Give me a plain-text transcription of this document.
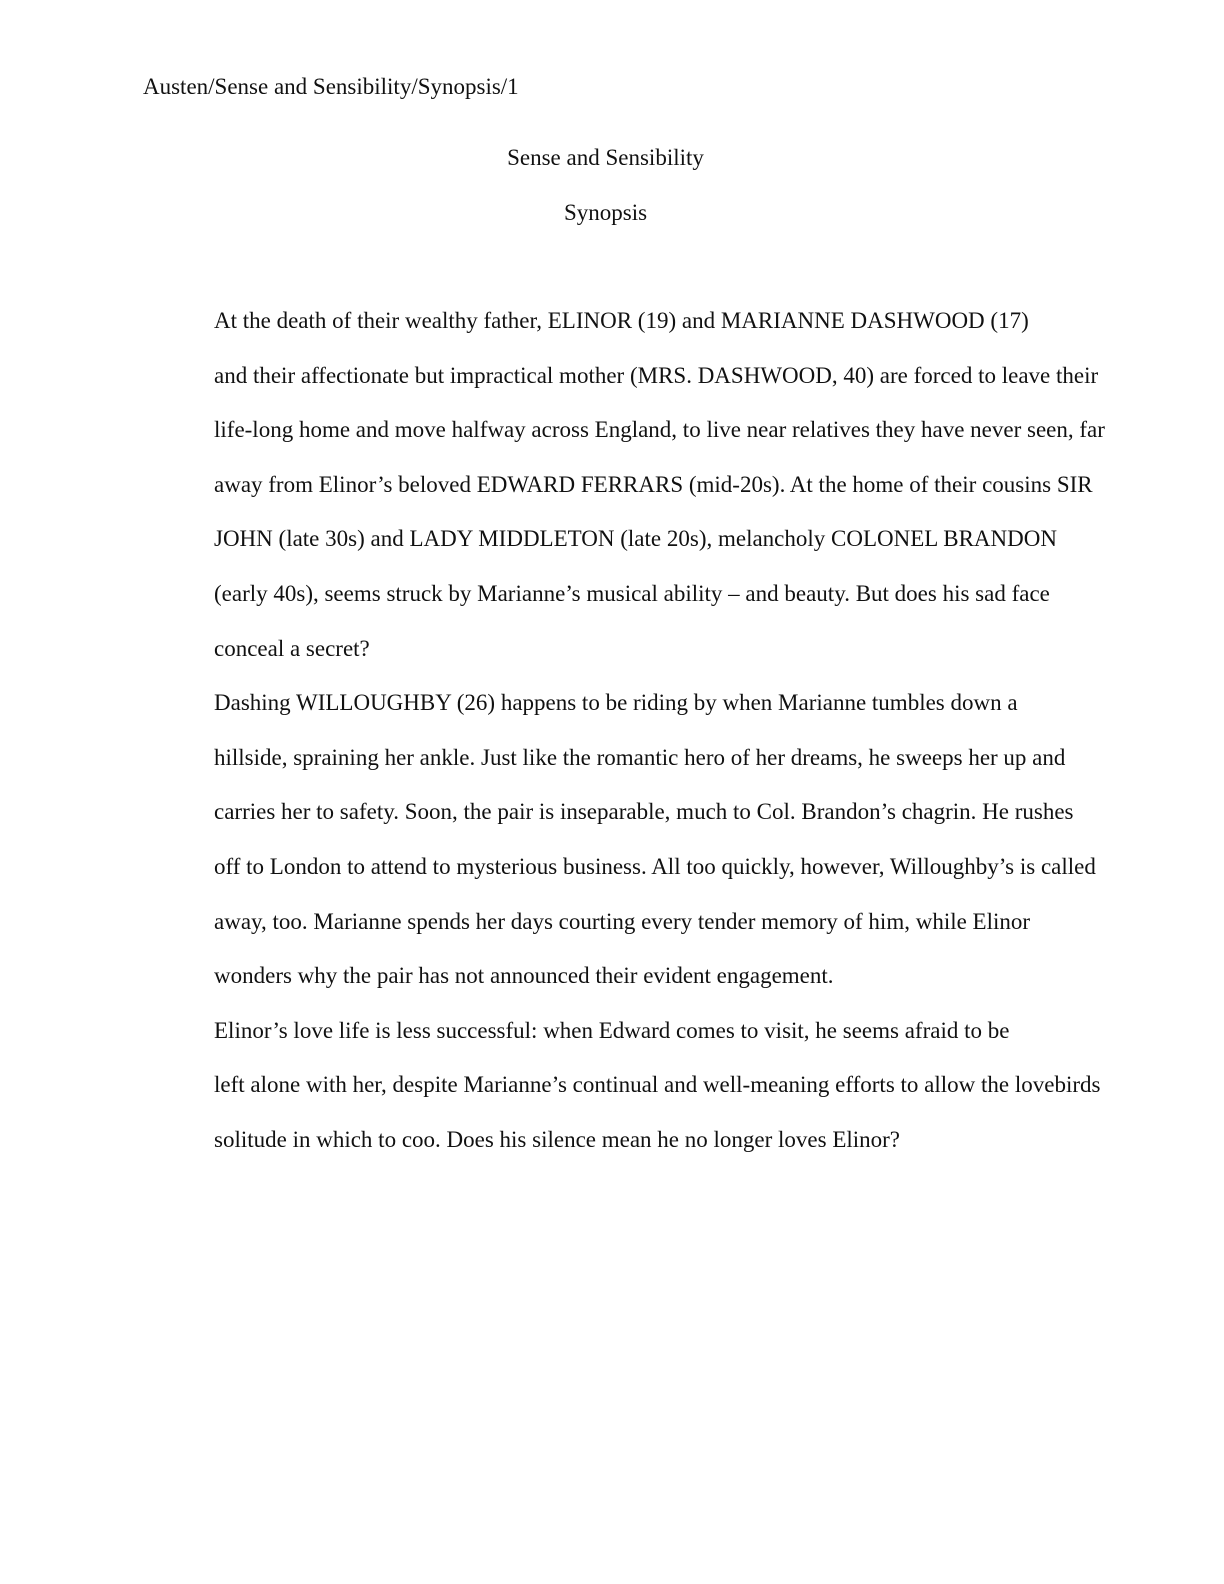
Austen/Sense and Sensibility/Synopsis/1
Sense and Sensibility
Synopsis

At the death of their wealthy father, ELINOR (19) and MARIANNE DASHWOOD (17)
and their affectionate but impractical mother (MRS. DASHWOOD, 40) are forced to leave their
life-long home and move halfway across England, to live near relatives they have never seen, far
away from Elinor’s beloved EDWARD FERRARS (mid-20s). At the home of their cousins SIR
JOHN (late 30s) and LADY MIDDLETON (late 20s), melancholy COLONEL BRANDON
(early 40s), seems struck by Marianne’s musical ability – and beauty. But does his sad face
conceal a secret?

Dashing WILLOUGHBY (26) happens to be riding by when Marianne tumbles down a
hillside, spraining her ankle. Just like the romantic hero of her dreams, he sweeps her up and
carries her to safety. Soon, the pair is inseparable, much to Col. Brandon’s chagrin. He rushes
off to London to attend to mysterious business. All too quickly, however, Willoughby’s is called
away, too. Marianne spends her days courting every tender memory of him, while Elinor
wonders why the pair has not announced their evident engagement.

Elinor’s love life is less successful: when Edward comes to visit, he seems afraid to be
left alone with her, despite Marianne’s continual and well-meaning efforts to allow the lovebirds
solitude in which to coo. Does his silence mean he no longer loves Elinor?
